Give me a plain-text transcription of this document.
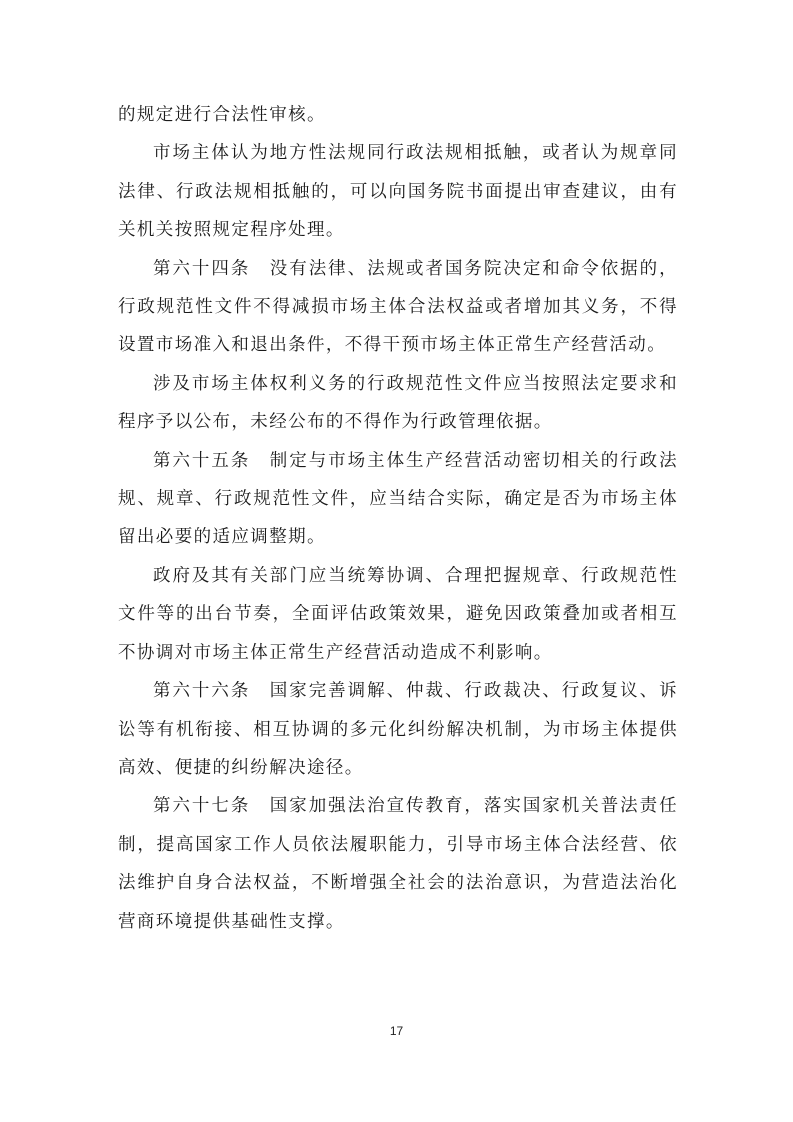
的规定进行合法性审核。

市场主体认为地方性法规同行政法规相抵触，或者认为规章同法律、行政法规相抵触的，可以向国务院书面提出审查建议，由有关机关按照规定程序处理。

第六十四条　没有法律、法规或者国务院决定和命令依据的，行政规范性文件不得减损市场主体合法权益或者增加其义务，不得设置市场准入和退出条件，不得干预市场主体正常生产经营活动。

涉及市场主体权利义务的行政规范性文件应当按照法定要求和程序予以公布，未经公布的不得作为行政管理依据。

第六十五条　制定与市场主体生产经营活动密切相关的行政法规、规章、行政规范性文件，应当结合实际，确定是否为市场主体留出必要的适应调整期。

政府及其有关部门应当统筹协调、合理把握规章、行政规范性文件等的出台节奏，全面评估政策效果，避免因政策叠加或者相互不协调对市场主体正常生产经营活动造成不利影响。

第六十六条　国家完善调解、仲裁、行政裁决、行政复议、诉讼等有机衔接、相互协调的多元化纠纷解决机制，为市场主体提供高效、便捷的纠纷解决途径。

第六十七条　国家加强法治宣传教育，落实国家机关普法责任制，提高国家工作人员依法履职能力，引导市场主体合法经营、依法维护自身合法权益，不断增强全社会的法治意识，为营造法治化营商环境提供基础性支撑。

17
